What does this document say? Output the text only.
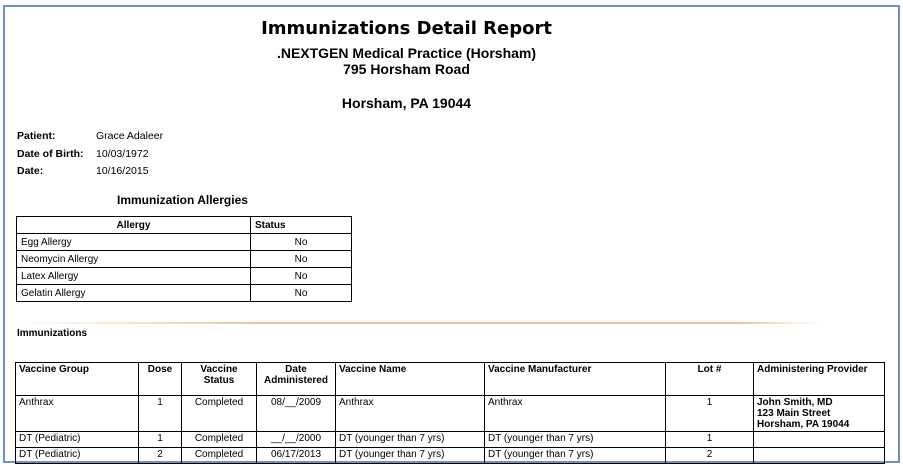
Immunizations Detail Report
.NEXTGEN Medical Practice (Horsham)
795 Horsham Road
Horsham, PA 19044
Patient:	Grace Adaleer
Date of Birth: 10/03/1972
Date:	10/16/2015
Immunization Allergies
Allergy	Status
Egg Allergy	No
Neomycin Allergy	No
Latex Allergy	No
Gelatin Allergy	No
Immunizations
Vaccine Group	Dose	Vaccine Status	Date Administered	Vaccine Name	Vaccine Manufacturer	Lot #	Administering Provider
Anthrax	1	Completed	08/__/2009	Anthrax	Anthrax	1	John Smith, MD
123 Main Street
Horsham, PA 19044

DT (Pediatric)	1	Completed	__/__/2000	DT (younger than 7 yrs)	DT (younger than 7 yrs)	1	
DT (Pediatric)	2	Completed	06/17/2013	DT (younger than 7 yrs)	DT (younger than 7 yrs)	2	
